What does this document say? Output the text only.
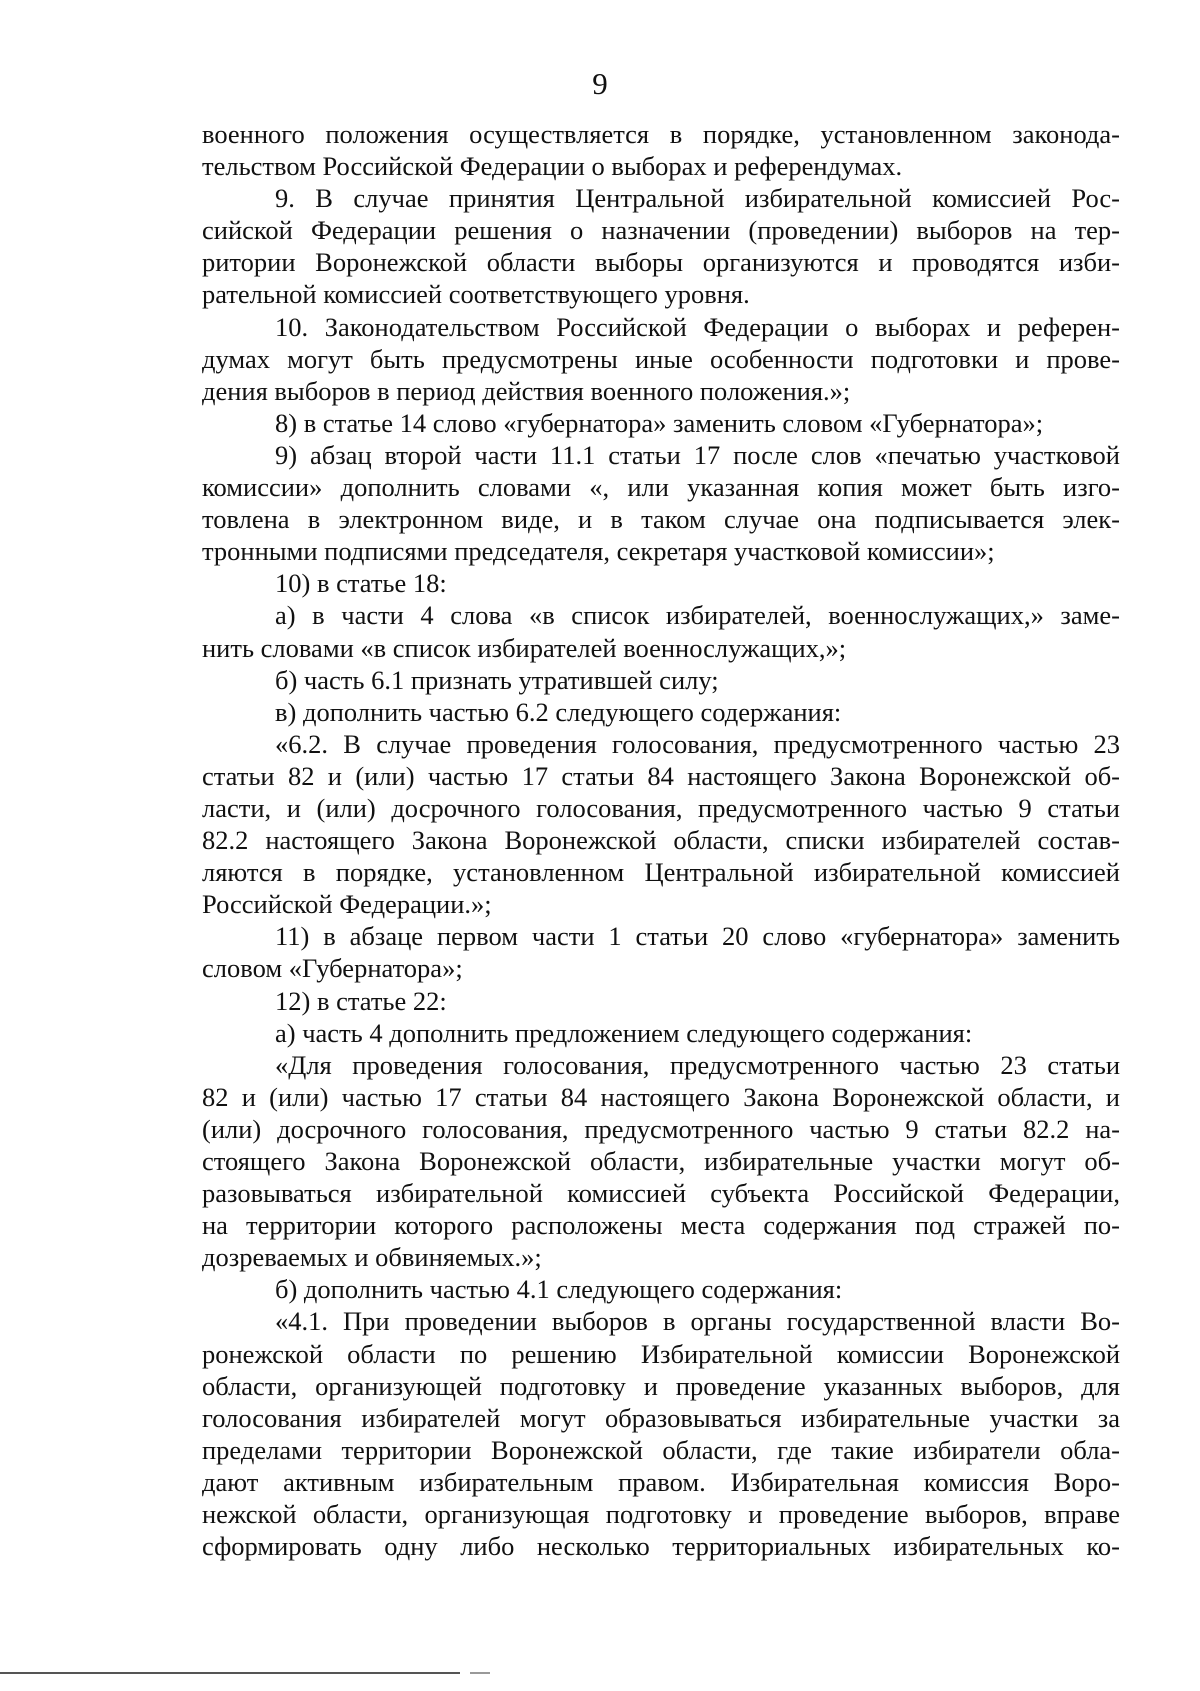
9
военного положения осуществляется в порядке, установленном законода-
тельством Российской Федерации о выборах и референдумах.
9. В случае принятия Центральной избирательной комиссией Рос-
сийской Федерации решения о назначении (проведении) выборов на тер-
ритории Воронежской области выборы организуются и проводятся изби-
рательной комиссией соответствующего уровня.
10. Законодательством Российской Федерации о выборах и референ-
думах могут быть предусмотрены иные особенности подготовки и прове-
дения выборов в период действия военного положения.»;
8) в статье 14 слово «губернатора» заменить словом «Губернатора»;
9) абзац второй части 11.1 статьи 17 после слов «печатью участковой
комиссии» дополнить словами «, или указанная копия может быть изго-
товлена в электронном виде, и в таком случае она подписывается элек-
тронными подписями председателя, секретаря участковой комиссии»;
10) в статье 18:
а) в части 4 слова «в список избирателей, военнослужащих,» заме-
нить словами «в список избирателей военнослужащих,»;
б) часть 6.1 признать утратившей силу;
в) дополнить частью 6.2 следующего содержания:
«6.2. В случае проведения голосования, предусмотренного частью 23
статьи 82 и (или) частью 17 статьи 84 настоящего Закона Воронежской об-
ласти, и (или) досрочного голосования, предусмотренного частью 9 статьи
82.2 настоящего Закона Воронежской области, списки избирателей состав-
ляются в порядке, установленном Центральной избирательной комиссией
Российской Федерации.»;
11) в абзаце первом части 1 статьи 20 слово «губернатора» заменить
словом «Губернатора»;
12) в статье 22:
а) часть 4 дополнить предложением следующего содержания:
«Для проведения голосования, предусмотренного частью 23 статьи
82 и (или) частью 17 статьи 84 настоящего Закона Воронежской области, и
(или) досрочного голосования, предусмотренного частью 9 статьи 82.2 на-
стоящего Закона Воронежской области, избирательные участки могут об-
разовываться избирательной комиссией субъекта Российской Федерации,
на территории которого расположены места содержания под стражей по-
дозреваемых и обвиняемых.»;
б) дополнить частью 4.1 следующего содержания:
«4.1. При проведении выборов в органы государственной власти Во-
ронежской области по решению Избирательной комиссии Воронежской
области, организующей подготовку и проведение указанных выборов, для
голосования избирателей могут образовываться избирательные участки за
пределами территории Воронежской области, где такие избиратели обла-
дают активным избирательным правом. Избирательная комиссия Воро-
нежской области, организующая подготовку и проведение выборов, вправе
сформировать одну либо несколько территориальных избирательных ко-
